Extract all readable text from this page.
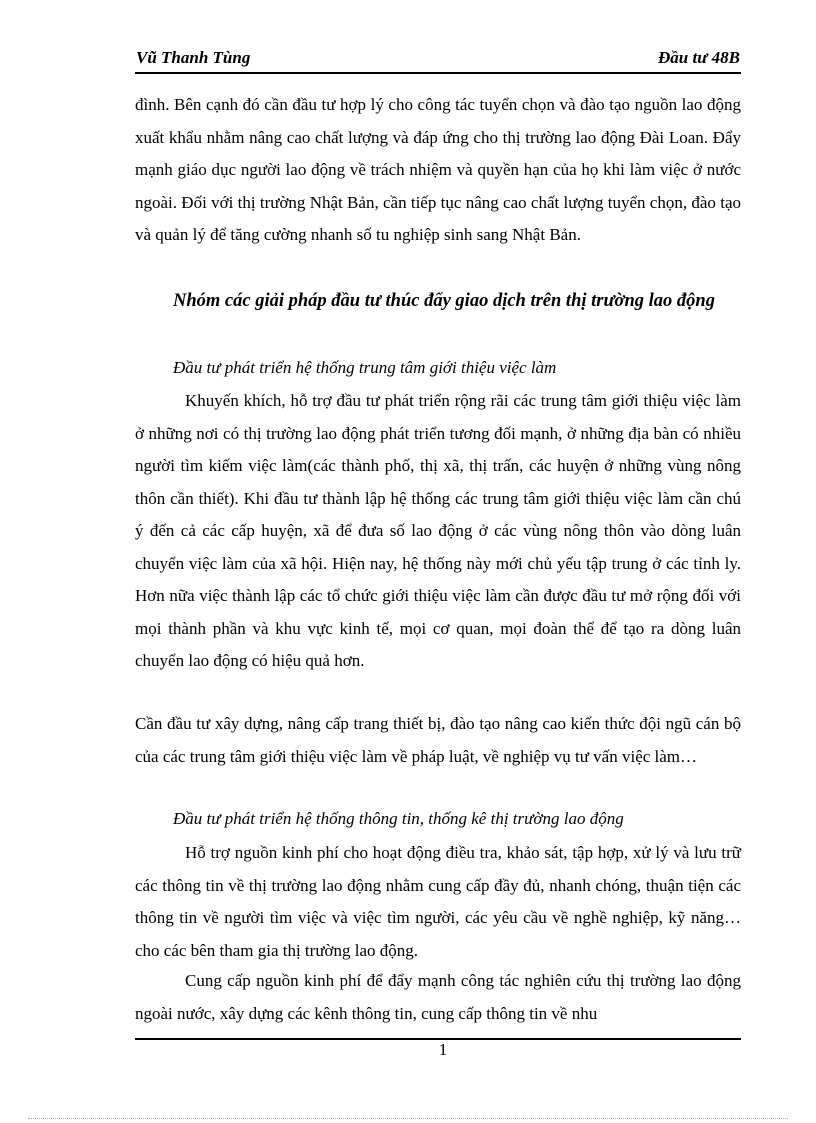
Vũ Thanh Tùng	Đầu tư 48B

đình. Bên cạnh đó cần đầu tư hợp lý cho công tác tuyển chọn và đào tạo nguồn lao động xuất khẩu nhằm nâng cao chất lượng và đáp ứng cho thị trường lao động Đài Loan. Đẩy mạnh giáo dục người lao động về trách nhiệm và quyền hạn của họ khi làm việc ở nước ngoài. Đối với thị trường Nhật Bản, cần tiếp tục nâng cao chất lượng tuyển chọn, đào tạo và quản lý để tăng cường nhanh số tu nghiệp sinh sang Nhật Bản.

Nhóm các giải pháp đầu tư thúc đẩy giao dịch trên thị trường lao động

Đầu tư phát triển hệ thống trung tâm giới thiệu việc làm

Khuyến khích, hỗ trợ đầu tư phát triển rộng rãi các trung tâm giới thiệu việc làm ở những nơi có thị trường lao động phát triển tương đối mạnh, ở những địa bàn có nhiều người tìm kiếm việc làm(các thành phố, thị xã, thị trấn, các huyện ở những vùng nông thôn cần thiết). Khi đầu tư thành lập hệ thống các trung tâm giới thiệu việc làm cần chú ý đến cả các cấp huyện, xã để đưa số lao động ở các vùng nông thôn vào dòng luân chuyển việc làm của xã hội. Hiện nay, hệ thống này mới chủ yếu tập trung ở các tỉnh ly. Hơn nữa việc thành lập các tổ chức giới thiệu việc làm cần được đầu tư mở rộng đối với mọi thành phần và khu vực kinh tế, mọi cơ quan, mọi đoàn thể để tạo ra dòng luân chuyển lao động có hiệu quả hơn.

Cần đầu tư xây dựng, nâng cấp trang thiết bị, đào tạo nâng cao kiến thức đội ngũ cán bộ của các trung tâm giới thiệu việc làm về pháp luật, về nghiệp vụ tư vấn việc làm…

Đầu tư phát triển hệ thống thông tin, thống kê thị trường lao động

Hỗ trợ nguồn kinh phí cho hoạt động điều tra, khảo sát, tập hợp, xử lý và lưu trữ các thông tin về thị trường lao động nhằm cung cấp đầy đủ, nhanh chóng, thuận tiện các thông tin về người tìm việc và việc tìm người, các yêu cầu về nghề nghiệp, kỹ năng…cho các bên tham gia thị trường lao động.

Cung cấp nguồn kinh phí để đẩy mạnh công tác nghiên cứu thị trường lao động ngoài nước, xây dựng các kênh thông tin, cung cấp thông tin về nhu

1
